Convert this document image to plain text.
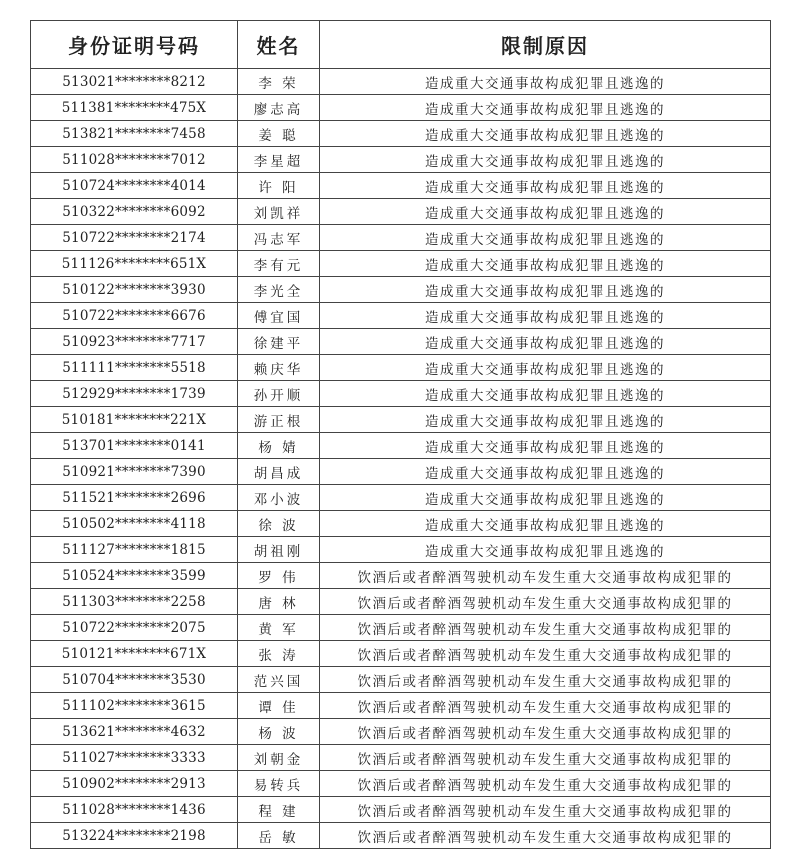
身份证明号码	姓名	限制原因
513021********8212	李 荣	造成重大交通事故构成犯罪且逃逸的
511381********475X	廖志高	造成重大交通事故构成犯罪且逃逸的
513821********7458	姜 聪	造成重大交通事故构成犯罪且逃逸的
511028********7012	李星超	造成重大交通事故构成犯罪且逃逸的
510724********4014	许 阳	造成重大交通事故构成犯罪且逃逸的
510322********6092	刘凯祥	造成重大交通事故构成犯罪且逃逸的
510722********2174	冯志军	造成重大交通事故构成犯罪且逃逸的
511126********651X	李有元	造成重大交通事故构成犯罪且逃逸的
510122********3930	李光全	造成重大交通事故构成犯罪且逃逸的
510722********6676	傅宜国	造成重大交通事故构成犯罪且逃逸的
510923********7717	徐建平	造成重大交通事故构成犯罪且逃逸的
511111********5518	赖庆华	造成重大交通事故构成犯罪且逃逸的
512929********1739	孙开顺	造成重大交通事故构成犯罪且逃逸的
510181********221X	游正根	造成重大交通事故构成犯罪且逃逸的
513701********0141	杨 婧	造成重大交通事故构成犯罪且逃逸的
510921********7390	胡昌成	造成重大交通事故构成犯罪且逃逸的
511521********2696	邓小波	造成重大交通事故构成犯罪且逃逸的
510502********4118	徐 波	造成重大交通事故构成犯罪且逃逸的
511127********1815	胡祖刚	造成重大交通事故构成犯罪且逃逸的
510524********3599	罗 伟	饮酒后或者醉酒驾驶机动车发生重大交通事故构成犯罪的
511303********2258	唐 林	饮酒后或者醉酒驾驶机动车发生重大交通事故构成犯罪的
510722********2075	黄 军	饮酒后或者醉酒驾驶机动车发生重大交通事故构成犯罪的
510121********671X	张 涛	饮酒后或者醉酒驾驶机动车发生重大交通事故构成犯罪的
510704********3530	范兴国	饮酒后或者醉酒驾驶机动车发生重大交通事故构成犯罪的
511102********3615	谭 佳	饮酒后或者醉酒驾驶机动车发生重大交通事故构成犯罪的
513621********4632	杨 波	饮酒后或者醉酒驾驶机动车发生重大交通事故构成犯罪的
511027********3333	刘朝金	饮酒后或者醉酒驾驶机动车发生重大交通事故构成犯罪的
510902********2913	易转兵	饮酒后或者醉酒驾驶机动车发生重大交通事故构成犯罪的
511028********1436	程 建	饮酒后或者醉酒驾驶机动车发生重大交通事故构成犯罪的
513224********2198	岳 敏	饮酒后或者醉酒驾驶机动车发生重大交通事故构成犯罪的
